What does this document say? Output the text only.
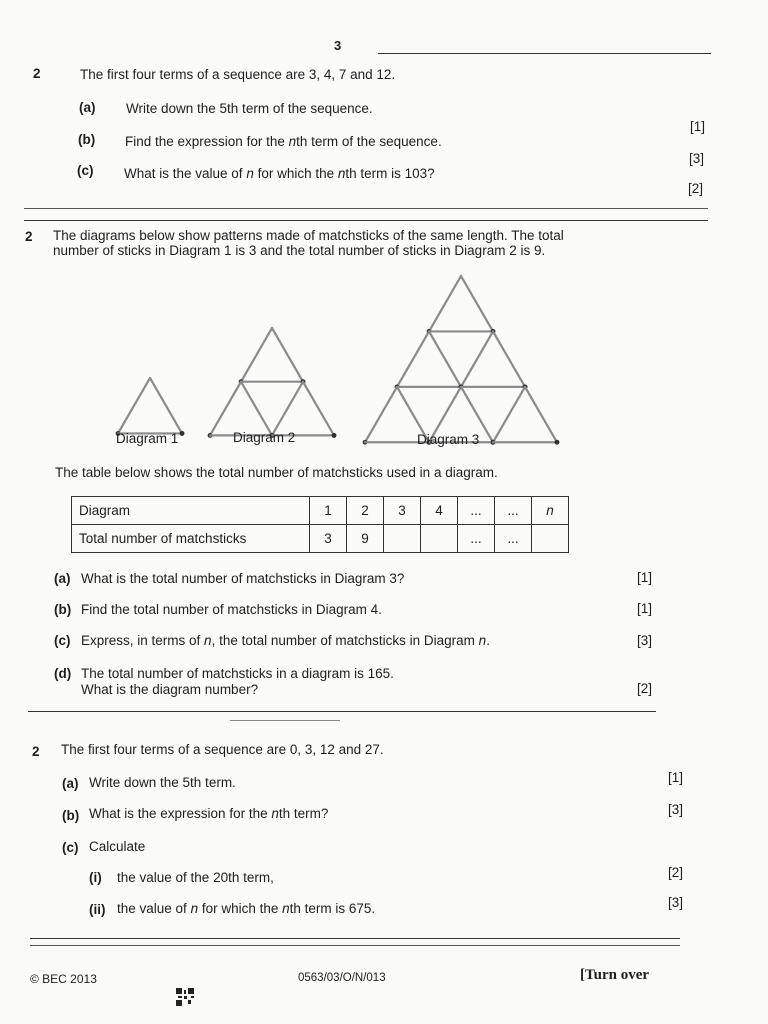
3
2	The first four terms of a sequence are 3, 4, 7 and 12.
(a) Write down the 5th term of the sequence.
[1]
(b) Find the expression for the nth term of the sequence.
[3]
(c) What is the value of n for which the nth term is 103?
[2]
2 The diagrams below show patterns made of matchsticks of the same length. The total
number of sticks in Diagram 1 is 3 and the total number of sticks in Diagram 2 is 9.
Diagram 1	Diagram 2	Diagram 3
The table below shows the total number of matchsticks used in a diagram.
Diagram	1	2	3	4	...	...	n
Total number of matchsticks	3	9			...	...	
(a) What is the total number of matchsticks in Diagram 3?	[1]
(b) Find the total number of matchsticks in Diagram 4.	[1]
(c) Express, in terms of n, the total number of matchsticks in Diagram n.	[3]
(d) The total number of matchsticks in a diagram is 165.
What is the diagram number?	[2]
2 The first four terms of a sequence are 0, 3, 12 and 27.
(a) Write down the 5th term.	[1]
(b) What is the expression for the nth term?	[3]
(c) Calculate
(i) the value of the 20th term,	[2]
(ii) the value of n for which the nth term is 675.	[3]
© BEC 2013	0563/03/O/N/013	[Turn over
